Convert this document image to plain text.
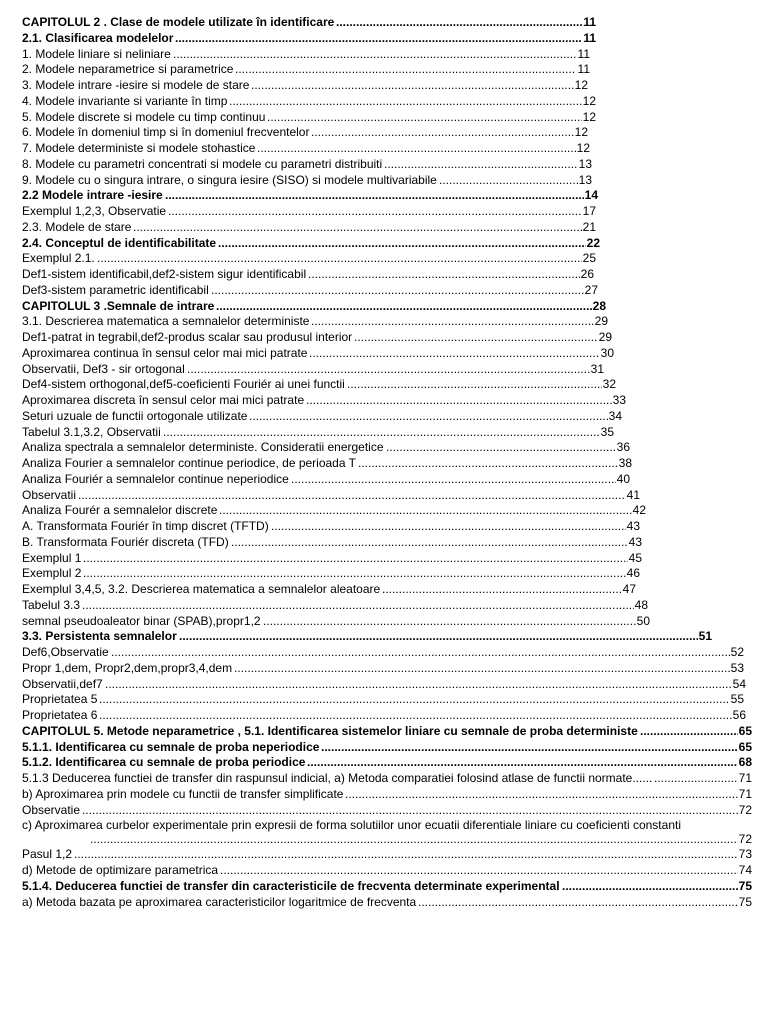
CAPITOLUL 2 . Clase de modele utilizate în identificare .....	11
2.1. Clasificarea modelelor .....	11
1. Modele liniare si neliniare .....	11
2. Modele neparametrice si parametrice .....	11
3. Modele intrare -iesire si modele de stare .....	12
4. Modele invariante si variante în timp .....	12
5. Modele discrete si modele cu timp continuu .....	12
6. Modele în domeniul timp si în domeniul frecventelor .....	12
7. Modele deterministe si modele stohastice .....	12
8. Modele cu parametri concentrati si modele cu parametri distribuiti .....	13
9. Modele cu o singura intrare, o singura iesire (SISO) si modele multivariabile .....	13
2.2 Modele intrare -iesire .....	14
Exemplul 1,2,3, Observatie .....	17
2.3. Modele de stare .....	21
2.4. Conceptul de identificabilitate .....	22
Exemplul 2.1. .....	25
Def1-sistem identificabil,def2-sistem sigur identificabil .....	26
Def3-sistem parametric identificabil .....	27
CAPITOLUL 3 .Semnale de intrare .....	28
3.1. Descrierea matematica a semnalelor deterministe .....	29
Def1-patrat in tegrabil,def2-produs scalar sau produsul interior .....	29
Aproximarea continua în sensul celor mai mici patrate .....	30
Observatii, Def3 - sir ortogonal .....	31
Def4-sistem orthogonal,def5-coeficienti Fouriér ai unei functii .....	32
Aproximarea discreta în sensul celor mai mici patrate .....	33
Seturi uzuale de functii ortogonale utilizate .....	34
Tabelul 3.1,3.2, Observatii .....	35
Analiza spectrala a semnalelor deterministe. Consideratii energetice .....	36
Analiza Fourier a semnalelor continue periodice, de perioada T .....	38
Analiza Fouriér a semnalelor continue neperiodice .....	40
Observatii .....	41
Analiza Fourér a semnalelor discrete .....	42
A. Transformata Fouriér în timp discret (TFTD) .....	43
B. Transformata Fouriér discreta (TFD) .....	43
Exemplul 1 .....	45
Exemplul 2 .....	46
Exemplul 3,4,5, 3.2. Descrierea matematica a semnalelor aleatoare .....	47
Tabelul 3.3 .....	48
semnal pseudoaleator binar (SPAB),propr1,2 .....	50
3.3. Persistenta semnalelor .....	51
Def6,Observatie .....	52
Propr 1,dem, Propr2,dem,propr3,4,dem .....	53
Observatii,def7 .....	54
Proprietatea 5 .....	55
Proprietatea 6 .....	56
CAPITOLUL 5. Metode neparametrice , 5.1. Identificarea sistemelor liniare cu semnale de proba deterministe .....	65
5.1.1. Identificarea cu semnale de proba neperiodice .....	65
5.1.2. Identificarea cu semnale de proba periodice .....	68
5.1.3 Deducerea functiei de transfer din raspunsul indicial, a) Metoda comparatiei folosind atlase de functii normate...... .....	71
b) Aproximarea prin modele cu functii de transfer simplificate .....	71
Observatie .....	72
c) Aproximarea curbelor experimentale prin expresii de forma solutiilor unor ecuatii diferentiale liniare cu coeficienti constanti
.....
72
Pasul 1,2 .....	73
d) Metode de optimizare parametrica .....	74
5.1.4. Deducerea functiei de transfer din caracteristicile de frecventa determinate experimental .....	75
a) Metoda bazata pe aproximarea caracteristicilor logaritmice de frecventa .....	75
